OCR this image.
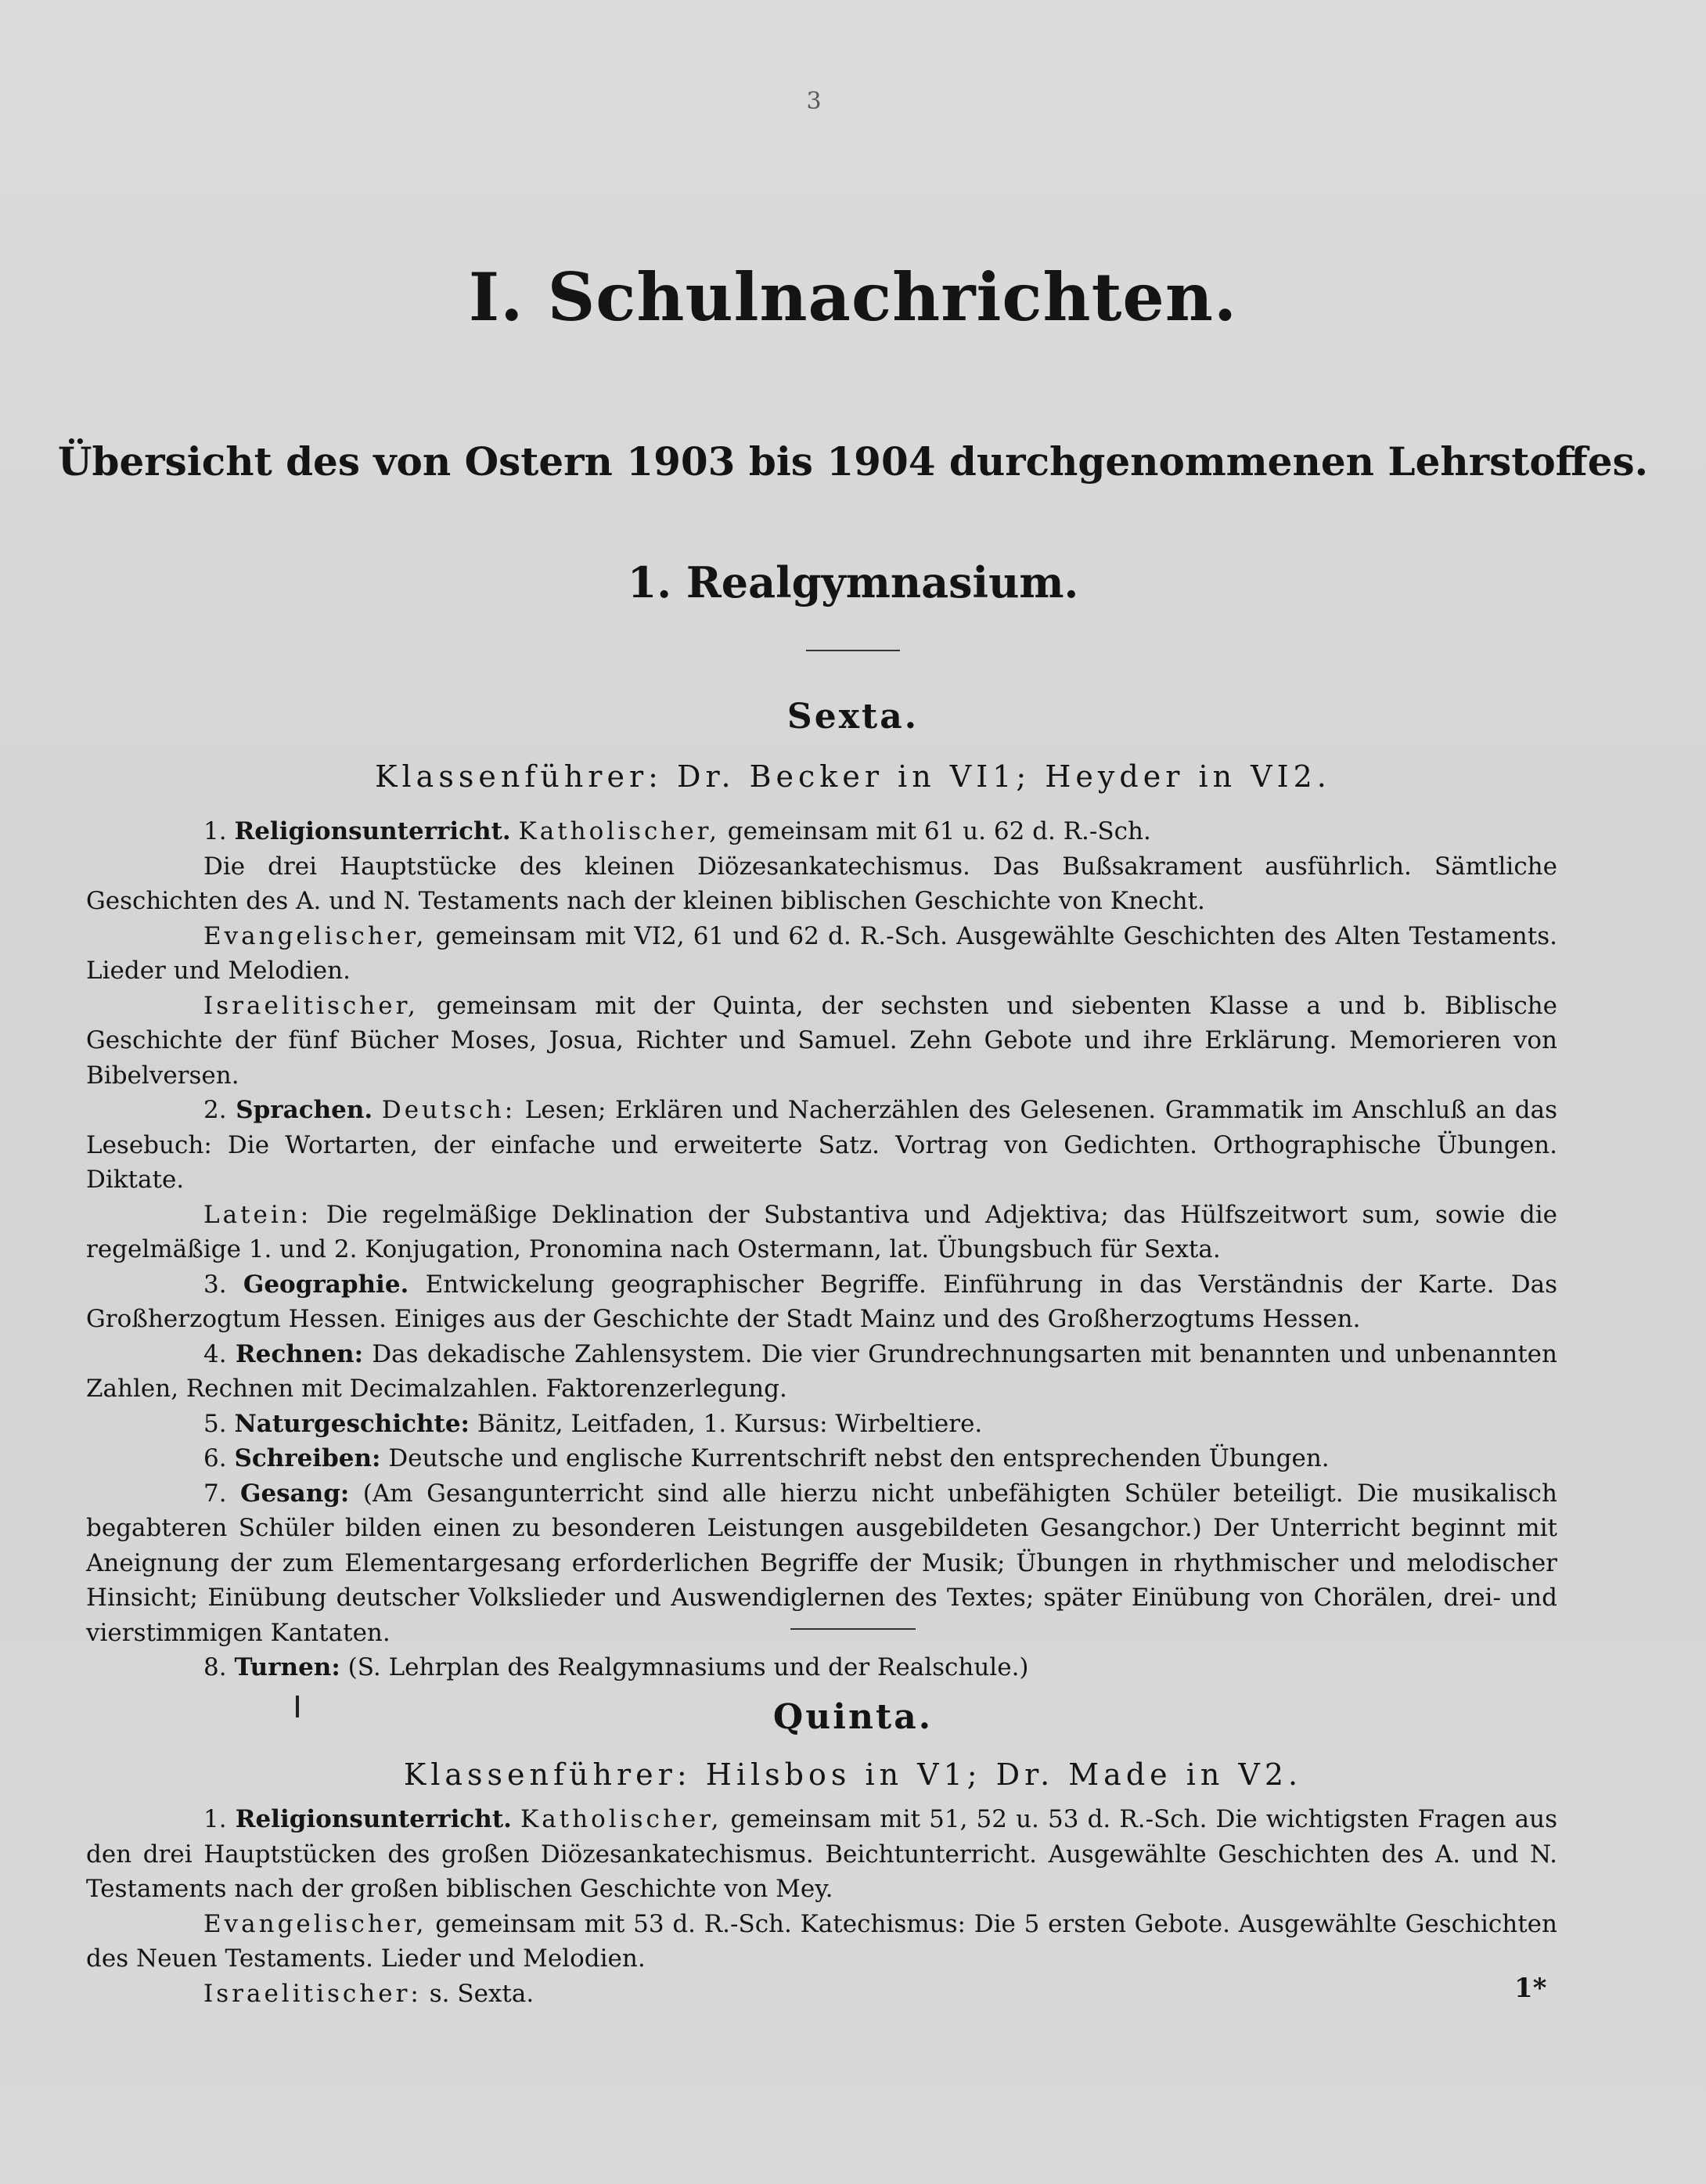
3
I. Schulnachrichten.
Übersicht des von Ostern 1903 bis 1904 durchgenommenen Lehrstoffes.
1. Realgymnasium.
Sexta.
Klassenführer: Dr. Becker in VI1; Heyder in VI2.

1. Religionsunterricht. Katholischer, gemeinsam mit 61 u. 62 d. R.-Sch.

Die drei Hauptstücke des kleinen Diözesankatechismus. Das Bußsakrament ausführlich. Sämtliche Geschichten des A. und N. Testaments nach der kleinen biblischen Geschichte von Knecht.

Evangelischer, gemeinsam mit VI2, 61 und 62 d. R.-Sch. Ausgewählte Geschichten des Alten Testaments. Lieder und Melodien.

Israelitischer, gemeinsam mit der Quinta, der sechsten und siebenten Klasse a und b. Biblische Geschichte der fünf Bücher Moses, Josua, Richter und Samuel. Zehn Gebote und ihre Erklärung. Memorieren von Bibelversen.

2. Sprachen. Deutsch: Lesen; Erklären und Nacherzählen des Gelesenen. Grammatik im Anschluß an das Lesebuch: Die Wortarten, der einfache und erweiterte Satz. Vortrag von Gedichten. Orthographische Übungen. Diktate.

Latein: Die regelmäßige Deklination der Substantiva und Adjektiva; das Hülfszeitwort sum, sowie die regelmäßige 1. und 2. Konjugation, Pronomina nach Ostermann, lat. Übungsbuch für Sexta.

3. Geographie. Entwickelung geographischer Begriffe. Einführung in das Verständnis der Karte. Das Großherzogtum Hessen. Einiges aus der Geschichte der Stadt Mainz und des Großherzogtums Hessen.

4. Rechnen: Das dekadische Zahlensystem. Die vier Grundrechnungsarten mit benannten und unbenannten Zahlen, Rechnen mit Decimalzahlen. Faktorenzerlegung.

5. Naturgeschichte: Bänitz, Leitfaden, 1. Kursus: Wirbeltiere.

6. Schreiben: Deutsche und englische Kurrentschrift nebst den entsprechenden Übungen.

7. Gesang: (Am Gesangunterricht sind alle hierzu nicht unbefähigten Schüler beteiligt. Die musikalisch begabteren Schüler bilden einen zu besonderen Leistungen ausgebildeten Gesangchor.) Der Unterricht beginnt mit Aneignung der zum Elementargesang erforderlichen Begriffe der Musik; Übungen in rhythmischer und melodischer Hinsicht; Einübung deutscher Volkslieder und Auswendiglernen des Textes; später Einübung von Chorälen, drei- und vierstimmigen Kantaten.

8. Turnen: (S. Lehrplan des Realgymnasiums und der Realschule.)

Quinta.
Klassenführer: Hilsbos in V1; Dr. Made in V2.

1. Religionsunterricht. Katholischer, gemeinsam mit 51, 52 u. 53 d. R.-Sch. Die wichtigsten Fragen aus den drei Hauptstücken des großen Diözesankatechismus. Beichtunterricht. Ausgewählte Geschichten des A. und N. Testaments nach der großen biblischen Geschichte von Mey.

Evangelischer, gemeinsam mit 53 d. R.-Sch. Katechismus: Die 5 ersten Gebote. Ausgewählte Geschichten des Neuen Testaments. Lieder und Melodien.

Israelitischer: s. Sexta.	1*
